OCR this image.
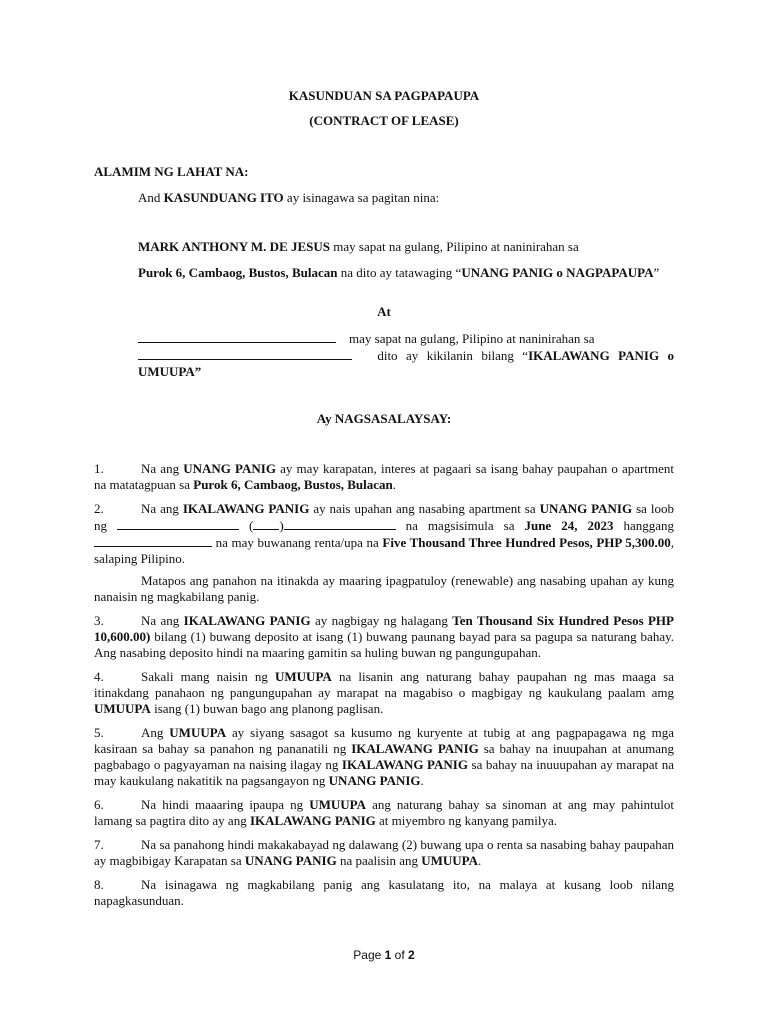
KASUNDUAN SA PAGPAPAUPA
(CONTRACT OF LEASE)
ALAMIM NG LAHAT NA:
And KASUNDUANG ITO ay isinagawa sa pagitan nina:
MARK ANTHONY M. DE JESUS may sapat na gulang, Pilipino at naninirahan sa
Purok 6, Cambaog, Bustos, Bulacan na dito ay tatawaging “UNANG PANIG o NAGPAPAUPA”
At
may sapat na gulang, Pilipino at naninirahan sa
dito ay kikilanin bilang “IKALAWANG PANIG o UMUUPA”
Ay NAGSASALAYSAY:
1.	Na ang UNANG PANIG ay may karapatan, interes at pagaari sa isang bahay paupahan o apartment na matatagpuan sa Purok 6, Cambaog, Bustos, Bulacan.
2.	Na ang IKALAWANG PANIG ay nais upahan ang nasabing apartment sa UNANG PANIG sa loob ng	( )	na magsisimula sa June 24, 2023 hanggang  na may buwanang renta/upa na Five Thousand Three Hundred Pesos, PHP 5,300.00, salaping Pilipino.
Matapos ang panahon na itinakda ay maaring ipagpatuloy (renewable) ang nasabing upahan ay kung nanaisin ng magkabilang panig.
3.	Na ang IKALAWANG PANIG ay nagbigay ng halagang Ten Thousand Six Hundred Pesos PHP 10,600.00) bilang (1) buwang deposito at isang (1) buwang paunang bayad para sa pagupa sa naturang bahay. Ang nasabing deposito hindi na maaring gamitin sa huling buwan ng pangungupahan.
4.	Sakali mang naisin ng UMUUPA na lisanin ang naturang bahay paupahan ng mas maaga sa itinakdang panahaon ng pangungupahan ay marapat na magabiso o magbigay ng kaukulang paalam amg UMUUPA isang (1) buwan bago ang planong paglisan.
5.	Ang UMUUPA ay siyang sasagot sa kusumo ng kuryente at tubig at ang pagpapagawa ng mga kasiraan sa bahay sa panahon ng pananatili ng IKALAWANG PANIG sa bahay na inuupahan at anumang pagbabago o pagyayaman na naising ilagay ng IKALAWANG PANIG sa bahay na inuuupahan ay marapat na may kaukulang nakatitik na pagsangayon ng UNANG PANIG.
6.	Na hindi maaaring ipaupa ng UMUUPA ang naturang bahay sa sinoman at ang may pahintulot lamang sa pagtira dito ay ang IKALAWANG PANIG at miyembro ng kanyang pamilya.
7.	Na sa panahong hindi makakabayad ng dalawang (2) buwang upa o renta sa nasabing bahay paupahan ay magbibigay Karapatan sa UNANG PANIG na paalisin ang UMUUPA.
8.	Na isinagawa ng magkabilang panig ang kasulatang ito, na malaya at kusang loob nilang napagkasunduan.
Page 1 of 2
